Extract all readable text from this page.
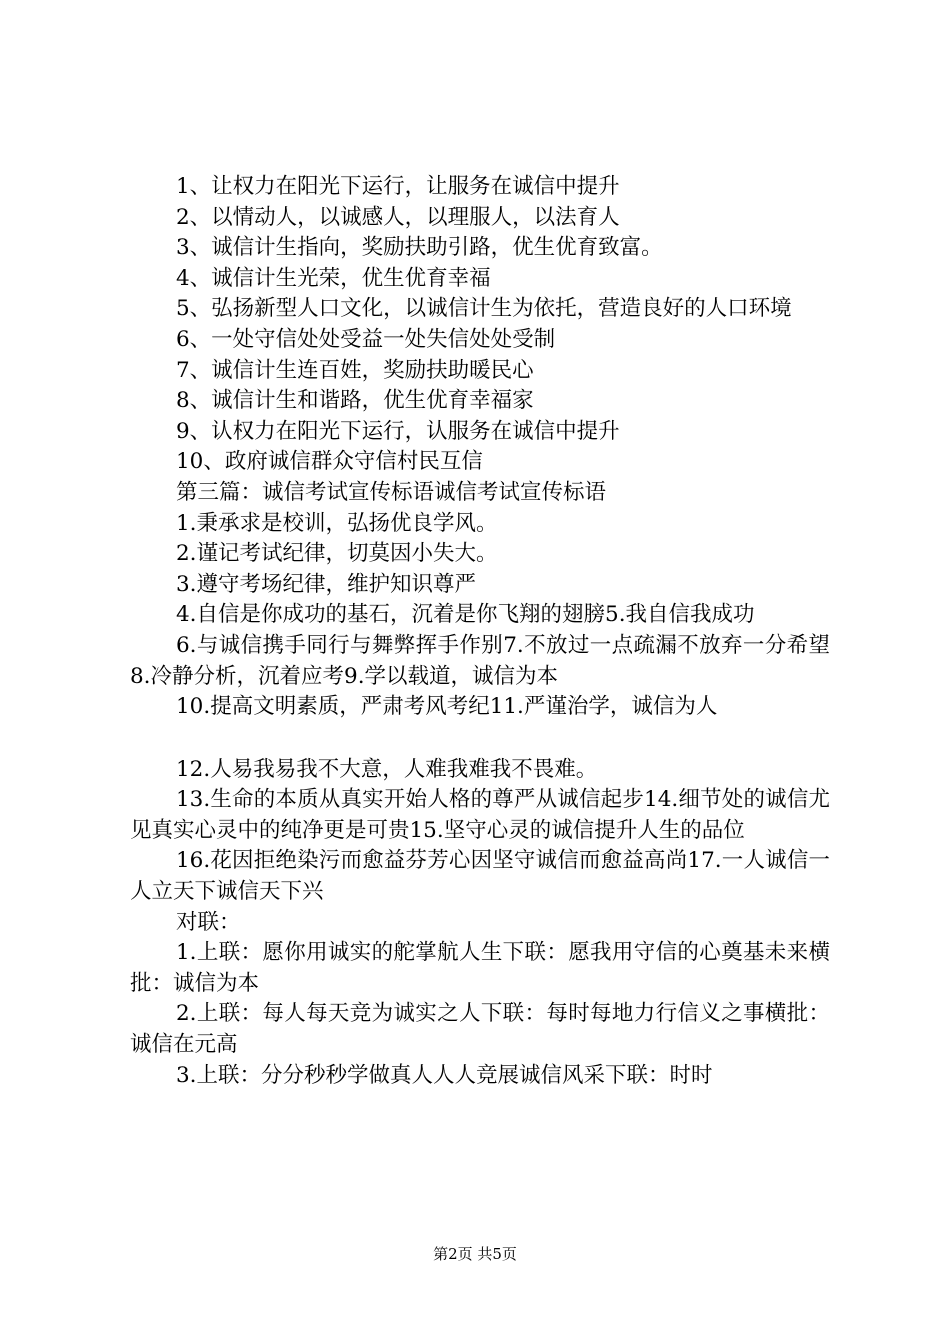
1、让权力在阳光下运行，让服务在诚信中提升

2、以情动人，以诚感人，以理服人，以法育人

3、诚信计生指向，奖励扶助引路，优生优育致富。

4、诚信计生光荣，优生优育幸福

5、弘扬新型人口文化，以诚信计生为依托，营造良好的人口环境

6、一处守信处处受益一处失信处处受制

7、诚信计生连百姓，奖励扶助暖民心

8、诚信计生和谐路，优生优育幸福家

9、认权力在阳光下运行，认服务在诚信中提升

10、政府诚信群众守信村民互信

第三篇：诚信考试宣传标语诚信考试宣传标语

1.秉承求是校训，弘扬优良学风。

2.谨记考试纪律，切莫因小失大。

3.遵守考场纪律，维护知识尊严

4.自信是你成功的基石，沉着是你飞翔的翅膀5.我自信我成功

6.与诚信携手同行与舞弊挥手作别7.不放过一点疏漏不放弃一分希望8.冷静分析，沉着应考9.学以载道，诚信为本

10.提高文明素质，严肃考风考纪11.严谨治学，诚信为人

12.人易我易我不大意，人难我难我不畏难。

13.生命的本质从真实开始人格的尊严从诚信起步14.细节处的诚信尤见真实心灵中的纯净更是可贵15.坚守心灵的诚信提升人生的品位

16.花因拒绝染污而愈益芬芳心因坚守诚信而愈益高尚17.一人诚信一人立天下诚信天下兴

对联：

1.上联：愿你用诚实的舵掌航人生下联：愿我用守信的心奠基未来横批：诚信为本

2.上联：每人每天竞为诚实之人下联：每时每地力行信义之事横批：诚信在元高

3.上联：分分秒秒学做真人人人竞展诚信风采下联：时时

第2页 共5页
